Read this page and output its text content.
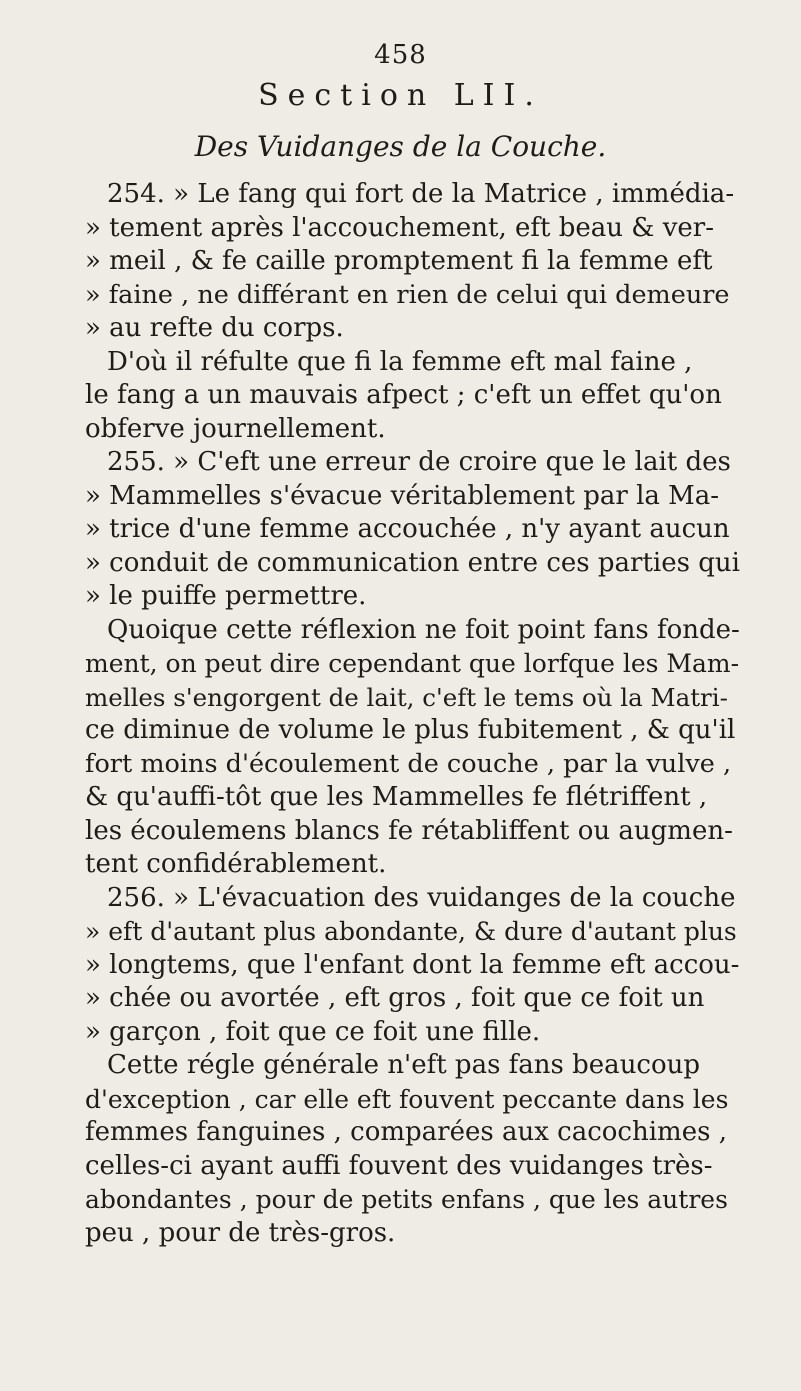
458
Section LII.
Des Vuidanges de la Couche.
254. » Le fang qui fort de la Matrice , immédia-
» tement après l'accouchement, eft beau & ver-
» meil , & fe caille promptement fi la femme eft
» faine , ne différant en rien de celui qui demeure
» au refte du corps.
D'où il réfulte que fi la femme eft mal faine ,
le fang a un mauvais afpect ; c'eft un effet qu'on
obferve journellement.
255. » C'eft une erreur de croire que le lait des
» Mammelles s'évacue véritablement par la Ma-
» trice d'une femme accouchée , n'y ayant aucun
» conduit de communication entre ces parties qui
» le puiffe permettre.
Quoique cette réflexion ne foit point fans fonde-
ment, on peut dire cependant que lorfque les Mam-
melles s'engorgent de lait, c'eft le tems où la Matri-
ce diminue de volume le plus fubitement , & qu'il
fort moins d'écoulement de couche , par la vulve ,
& qu'auffi-tôt que les Mammelles fe flétriffent ,
les écoulemens blancs fe rétabliffent ou augmen-
tent confidérablement.
256. » L'évacuation des vuidanges de la couche
» eft d'autant plus abondante, & dure d'autant plus
» longtems, que l'enfant dont la femme eft accou-
» chée ou avortée , eft gros , foit que ce foit un
» garçon , foit que ce foit une fille.
Cette régle générale n'eft pas fans beaucoup
d'exception , car elle eft fouvent peccante dans les
femmes fanguines , comparées aux cacochimes ,
celles-ci ayant auffi fouvent des vuidanges très-
abondantes , pour de petits enfans , que les autres
peu , pour de très-gros.
